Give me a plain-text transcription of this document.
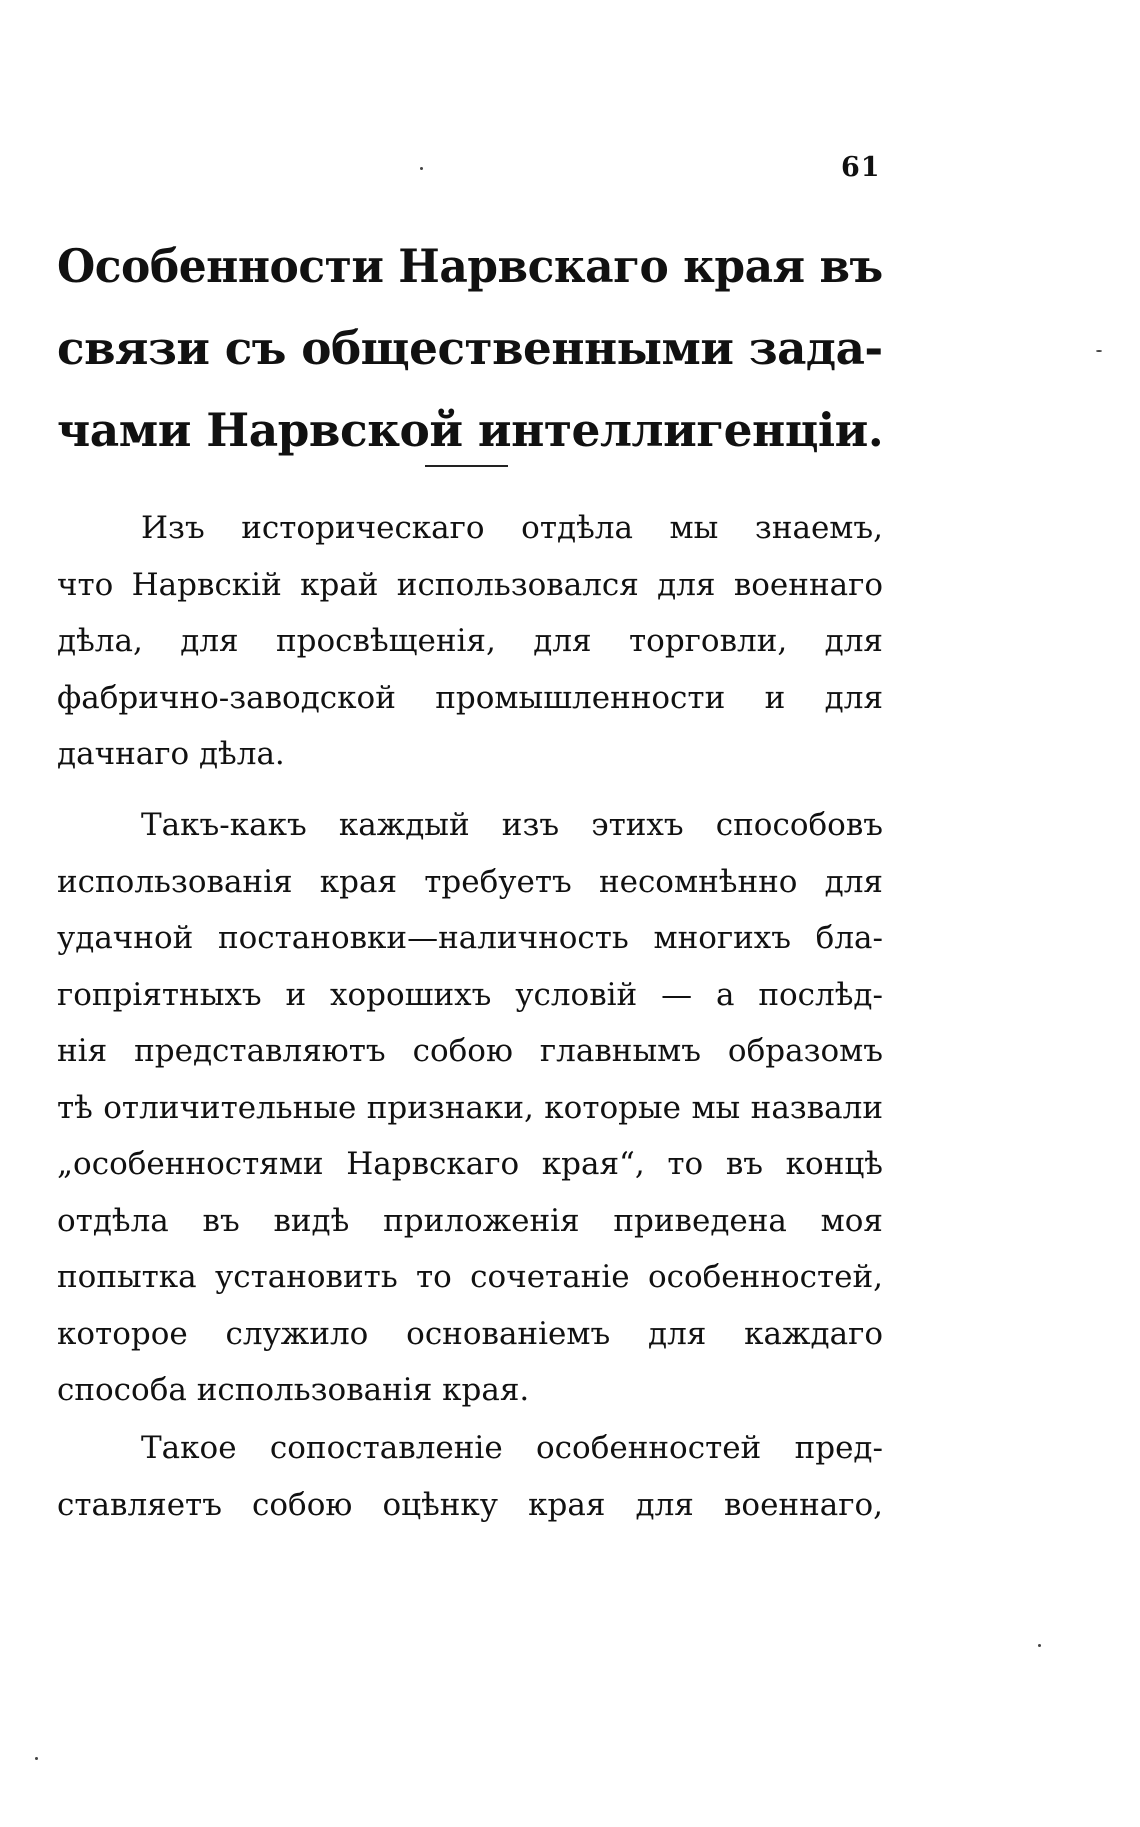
61
Особенности Нарвскаго края въ
связи съ общественными зада-
чами Нарвской интеллигенціи.
Изъ историческаго отдѣла мы знаемъ,
что Нарвскій край использовался для военнаго
дѣла, для просвѣщенія, для торговли, для
фабрично-заводской промышленности и для
дачнаго дѣла.
Такъ-какъ каждый изъ этихъ способовъ
использованія края требуетъ несомнѣнно для
удачной постановки—наличность многихъ бла-
гопріятныхъ и хорошихъ условій — а послѣд-
нія представляютъ собою главнымъ образомъ
тѣ отличительные признаки, которые мы назвали
„особенностями Нарвскаго края“, то въ концѣ
отдѣла въ видѣ приложенія приведена моя
попытка установить то сочетаніе особенностей,
которое служило основаніемъ для каждаго
способа использованія края.
Такое сопоставленіе особенностей пред-
ставляетъ собою оцѣнку края для военнаго,
